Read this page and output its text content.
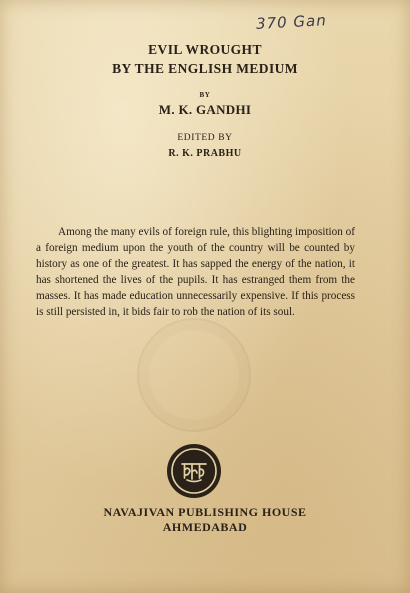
370 Gan
EVIL WROUGHT
BY THE ENGLISH MEDIUM
BY
M. K. GANDHI
EDITED BY
R. K. PRABHU

Among the many evils of foreign rule, this blighting imposition of a foreign medium upon the youth of the country will be counted by history as one of the greatest. It has sapped the energy of the nation, it has shortened the lives of the pupils. It has estranged them from the masses. It has made education unnecessarily expensive. If this process is still persisted in, it bids fair to rob the nation of its soul.

NAVAJIVAN PUBLISHING HOUSE
AHMEDABAD
